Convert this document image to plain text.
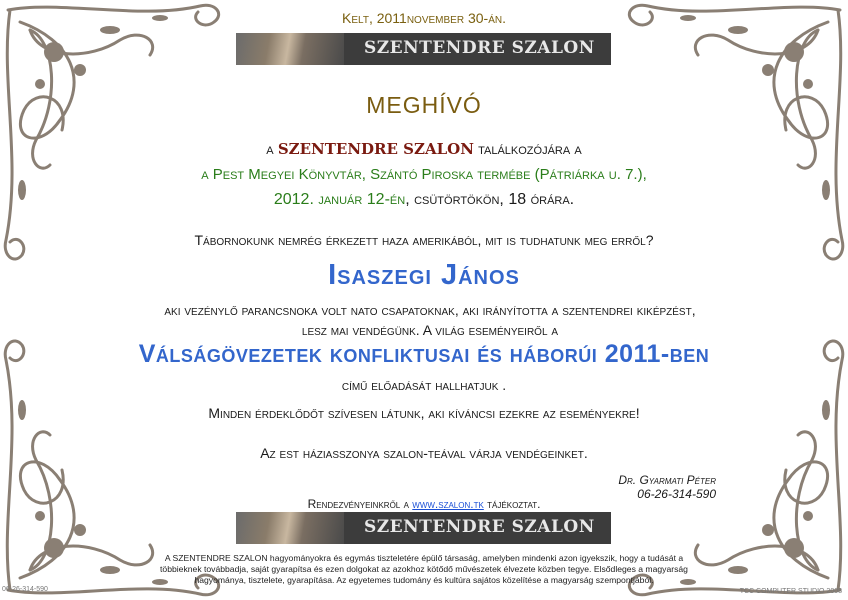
Kelt, 2011november 30-án.
SZENTENDRE SZALON
MEGHÍVÓ
a SZENTENDRE SZALON találkozójára a
a Pest Megyei Könyvtár, Szántó Piroska termébe (Pátriárka u. 7.),
2012. január 12-én, csütörtökön, 18 órára.
Tábornokunk nemrég érkezett haza amerikából, mit is tudhatunk meg erről?
Isaszegi János
aki vezénylő parancsnoka volt nato csapatoknak, aki irányította a szentendrei kiképzést, lesz mai vendégünk. A világ eseményeiről a
Válságövezetek konfliktusai és háborúi 2011-ben
című előadását hallhatjuk .
Minden érdeklődőt szívesen látunk, aki kíváncsi ezekre az eseményekre!
Az est háziasszonya szalon-teával várja vendégeinket.
Dr. Gyarmati Péter
06-26-314-590
Rendezvényeinkről a www.szalon.tk tájékoztat.
SZENTENDRE SZALON
A SZENTENDRE SZALON hagyományokra és egymás tiszteletére épülő társaság, amelyben mindenki azon igyekszik, hogy a tudását a többieknek továbbadja, saját gyarapítsa és ezen dolgokat az azokhoz kötődő művészetek élvezete közben tegye. Elsődleges a magyarság hagyománya, tisztelete, gyarapítása. Az egyetemes tudomány és kultúra sajátos közelítése a magyarság szempontjából.
06-26-314-590	TCC COMPUTER STUDIO 2008
